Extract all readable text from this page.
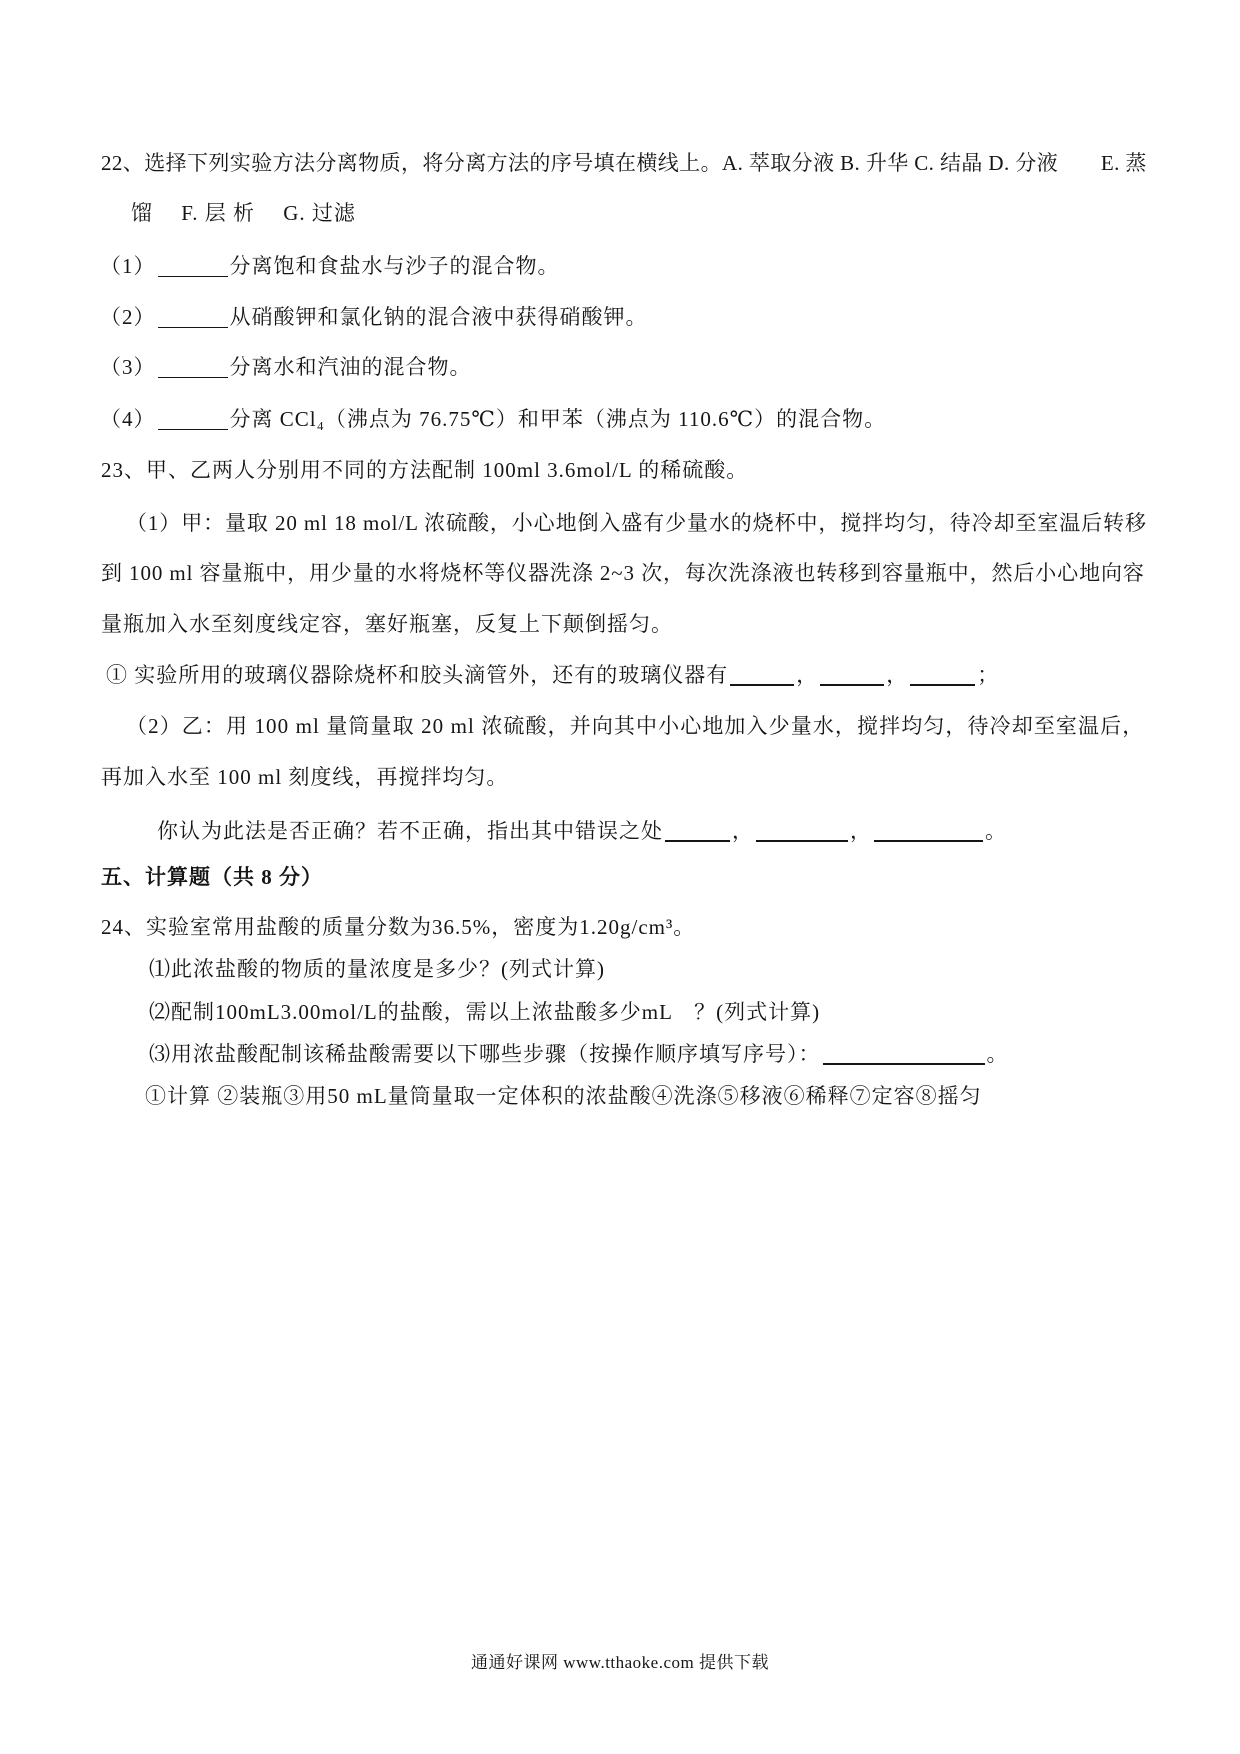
22、选择下列实验方法分离物质，将分离方法的序号填在横线上。A. 萃取分液 B. 升华 C. 结晶 D. 分液　　E. 蒸
馏　 F. 层 析　 G. 过滤
（1）	分离饱和食盐水与沙子的混合物。
（2）	从硝酸钾和氯化钠的混合液中获得硝酸钾。
（3）	分离水和汽油的混合物。
（4）	分离 CCl₄（沸点为 76.75℃）和甲苯（沸点为 110.6℃）的混合物。
23、甲、乙两人分别用不同的方法配制 100ml 3.6mol/L 的稀硫酸。
（1）甲：量取 20 ml 18 mol/L 浓硫酸，小心地倒入盛有少量水的烧杯中，搅拌均匀，待冷却至室温后转移
到 100 ml 容量瓶中，用少量的水将烧杯等仪器洗涤 2~3 次，每次洗涤液也转移到容量瓶中，然后小心地向容
量瓶加入水至刻度线定容，塞好瓶塞，反复上下颠倒摇匀。
① 实验所用的玻璃仪器除烧杯和胶头滴管外，还有的玻璃仪器有	，	，	；
（2）乙：用 100 ml 量筒量取 20 ml 浓硫酸，并向其中小心地加入少量水，搅拌均匀，待冷却至室温后，
再加入水至 100 ml 刻度线，再搅拌均匀。
你认为此法是否正确？若不正确，指出其中错误之处	，	，	。
五、计算题（共 8 分）
24、实验室常用盐酸的质量分数为36.5%，密度为1.20g/cm³。
⑴此浓盐酸的物质的量浓度是多少？(列式计算)
⑵配制100mL3.00mol/L的盐酸，需以上浓盐酸多少mL　？(列式计算)
⑶用浓盐酸配制该稀盐酸需要以下哪些步骤（按操作顺序填写序号）：	。
①计算 ②装瓶③用50 mL量筒量取一定体积的浓盐酸④洗涤⑤移液⑥稀释⑦定容⑧摇匀
通通好课网 www.tthaoke.com 提供下载
